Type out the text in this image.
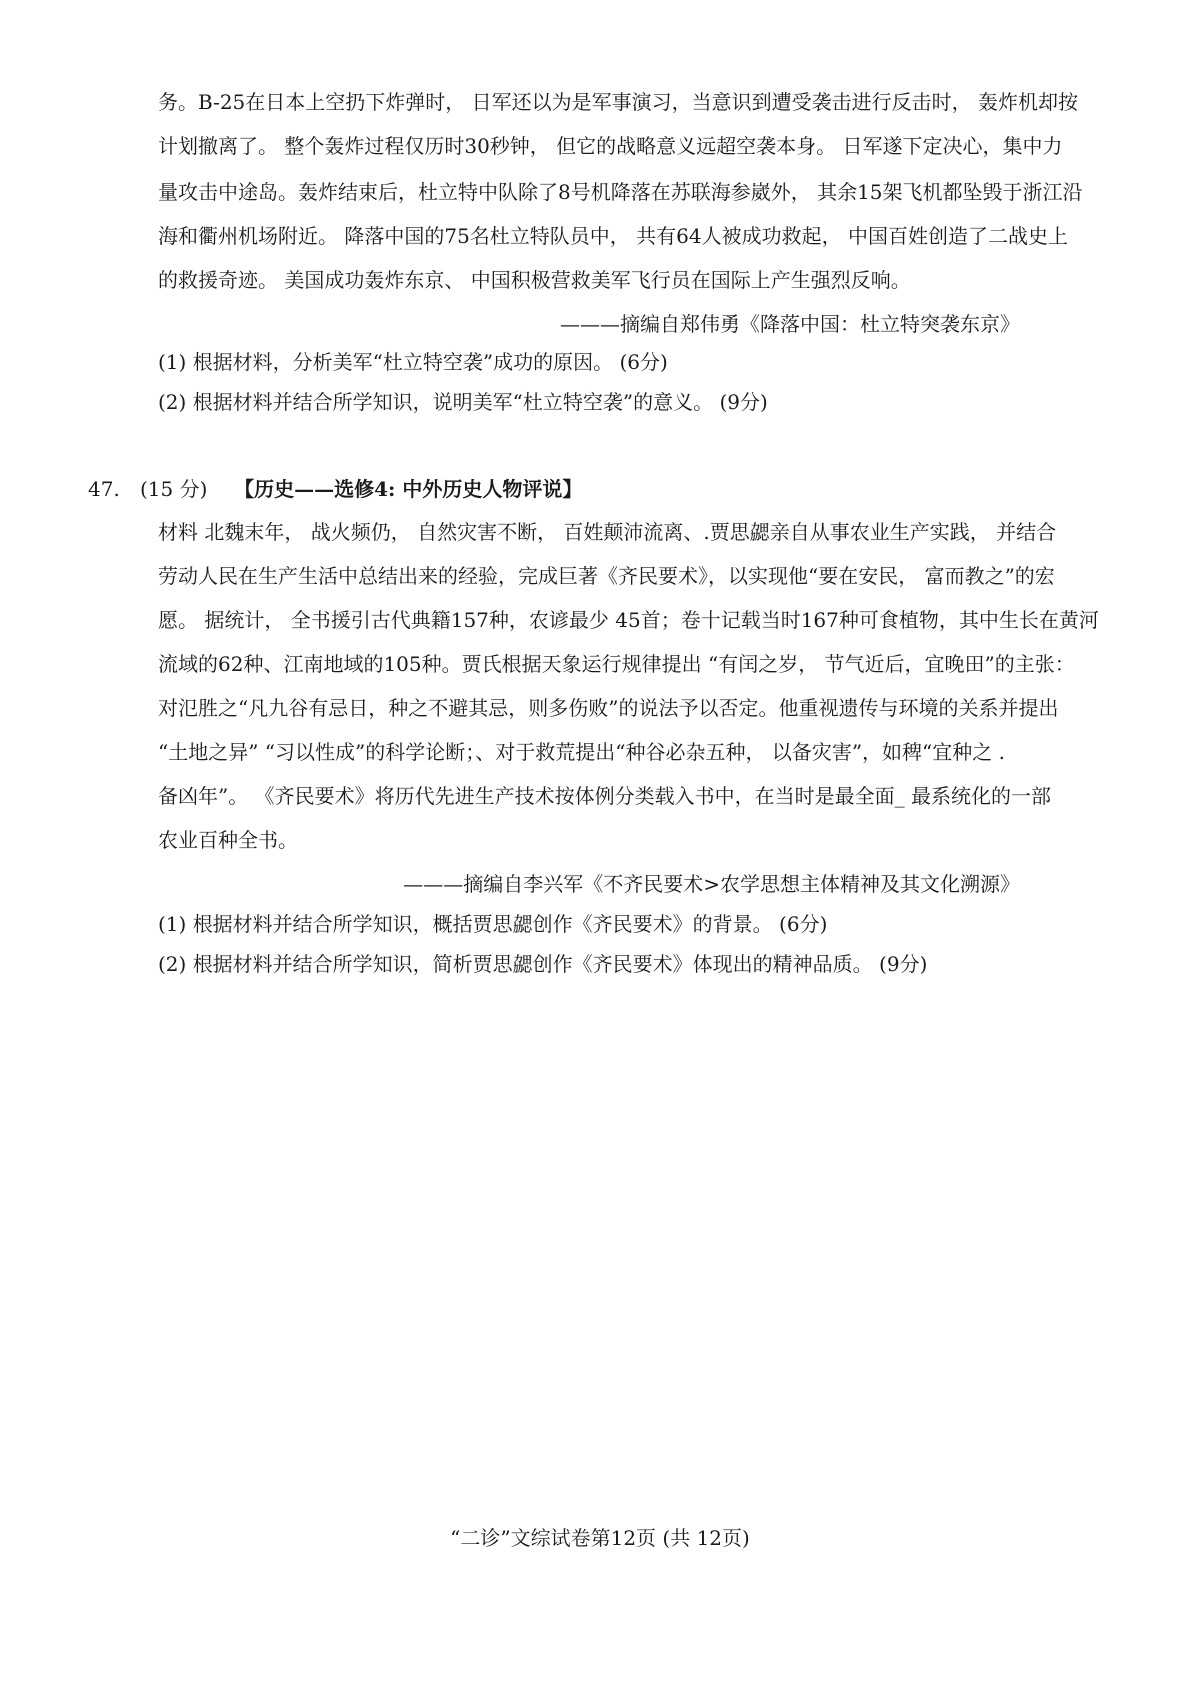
务。B-25在日本上空扔下炸弹时， 日军还以为是军事演习，当意识到遭受袭击进行反击时， 轰炸机却按
计划撤离了。 整个轰炸过程仅历时30秒钟， 但它的战略意义远超空袭本身。 日军遂下定决心，集中力
量攻击中途岛。轰炸结束后，杜立特中队除了8号机降落在苏联海参崴外， 其余15架飞机都坠毁于浙江沿
海和衢州机场附近。 降落中国的75名杜立特队员中， 共有64人被成功救起， 中国百姓创造了二战史上
的救援奇迹。 美国成功轰炸东京、 中国积极营救美军飞行员在国际上产生强烈反响。
———摘编自郑伟勇《降落中国：杜立特突袭东京》
(1) 根据材料，分析美军“杜立特空袭”成功的原因。 (6分)
(2) 根据材料并结合所学知识，说明美军“杜立特空袭”的意义。 (9分)
47. (15 分) 【历史——选修4: 中外历史人物评说】
材料 北魏末年， 战火频仍， 自然灾害不断， 百姓颠沛流离、.贾思勰亲自从事农业生产实践， 并结合
劳动人民在生产生活中总结出来的经验，完成巨著《齐民要术》，以实现他“要在安民， 富而教之”的宏
愿。 据统计， 全书援引古代典籍157种，农谚最少 45首；卷十记载当时167种可食植物，其中生长在黄河
流域的62种、江南地域的105种。贾氏根据天象运行规律提出 “有闰之岁， 节气近后，宜晚田”的主张：
对氾胜之“凡九谷有忌日，种之不避其忌，则多伤败”的说法予以否定。他重视遗传与环境的关系并提出
“土地之异” “习以性成”的科学论断；、对于救荒提出“种谷必杂五种， 以备灾害”，如稗“宜种之 .
备凶年”。 《齐民要术》将历代先进生产技术按体例分类载入书中，在当时是最全面_ 最系统化的一部
农业百种全书。
———摘编自李兴军《不齐民要术>农学思想主体精神及其文化溯源》
(1) 根据材料并结合所学知识，概括贾思勰创作《齐民要术》的背景。 (6分)
(2) 根据材料并结合所学知识，简析贾思勰创作《齐民要术》体现出的精神品质。 (9分)
“二诊”文综试卷第12页 (共 12页)
